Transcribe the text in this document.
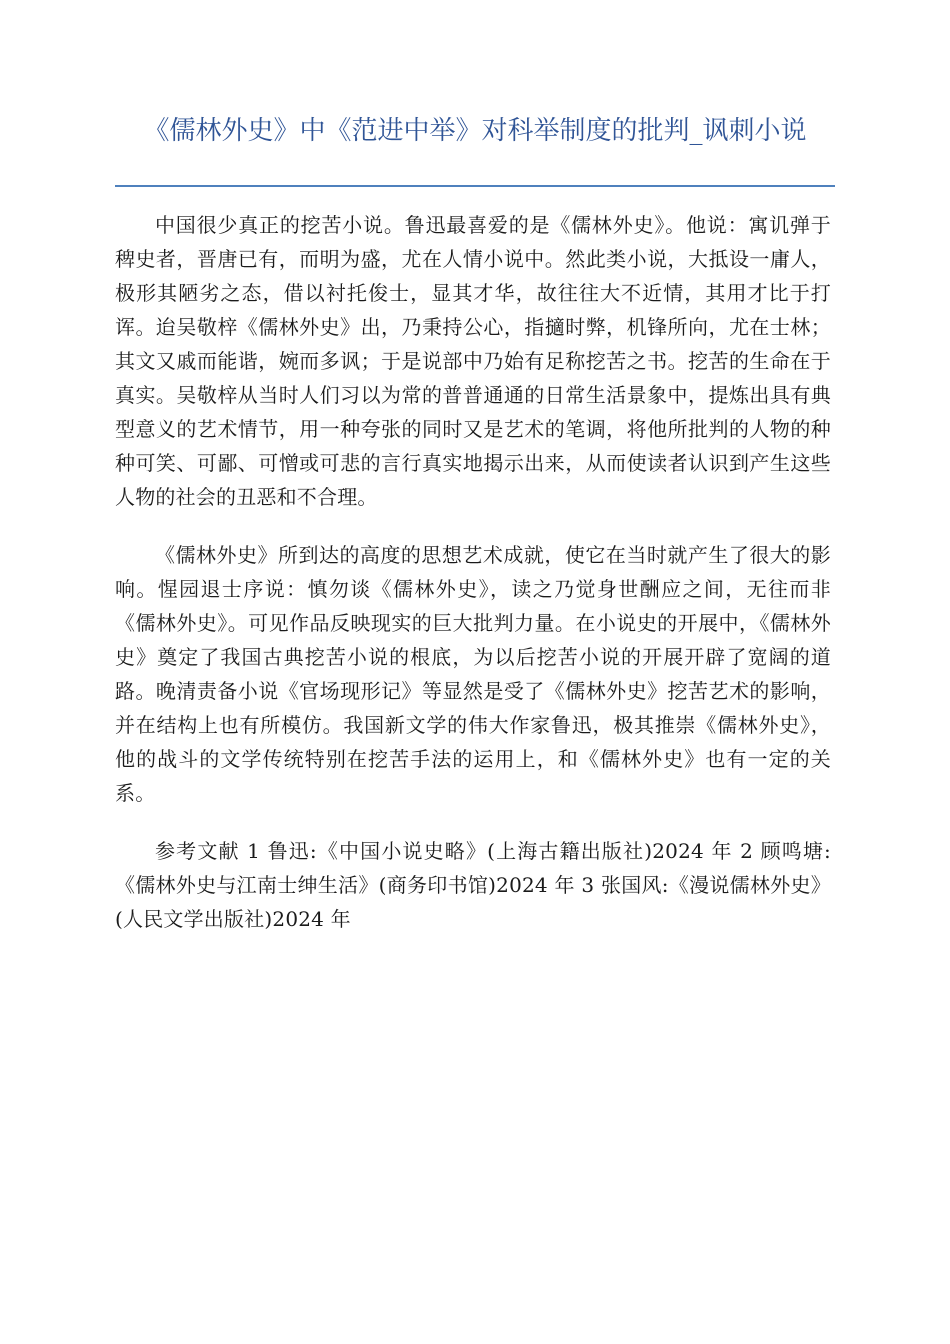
《儒林外史》中《范进中举》对科举制度的批判_讽刺小说

中国很少真正的挖苦小说。鲁迅最喜爱的是《儒林外史》。他说：寓讥弹于稗史者，晋唐已有，而明为盛，尤在人情小说中。然此类小说，大抵设一庸人，极形其陋劣之态，借以衬托俊士，显其才华，故往往大不近情，其用才比于打诨。迨吴敬梓《儒林外史》出，乃秉持公心，指擿时弊，机锋所向，尤在士林；其文又戚而能谐，婉而多讽；于是说部中乃始有足称挖苦之书。挖苦的生命在于真实。吴敬梓从当时人们习以为常的普普通通的日常生活景象中，提炼出具有典型意义的艺术情节，用一种夸张的同时又是艺术的笔调，将他所批判的人物的种种可笑、可鄙、可憎或可悲的言行真实地揭示出来，从而使读者认识到产生这些人物的社会的丑恶和不合理。

《儒林外史》所到达的高度的思想艺术成就，使它在当时就产生了很大的影响。惺园退士序说：慎勿谈《儒林外史》，读之乃觉身世酬应之间，无往而非《儒林外史》。可见作品反映现实的巨大批判力量。在小说史的开展中，《儒林外史》奠定了我国古典挖苦小说的根底，为以后挖苦小说的开展开辟了宽阔的道路。晚清责备小说《官场现形记》等显然是受了《儒林外史》挖苦艺术的影响，并在结构上也有所模仿。我国新文学的伟大作家鲁迅，极其推崇《儒林外史》，他的战斗的文学传统特别在挖苦手法的运用上，和《儒林外史》也有一定的关系。

参考文献 1 鲁迅:《中国小说史略》(上海古籍出版社)2024 年 2 顾鸣塘:《儒林外史与江南士绅生活》(商务印书馆)2024 年 3 张国风:《漫说儒林外史》(人民文学出版社)2024 年
